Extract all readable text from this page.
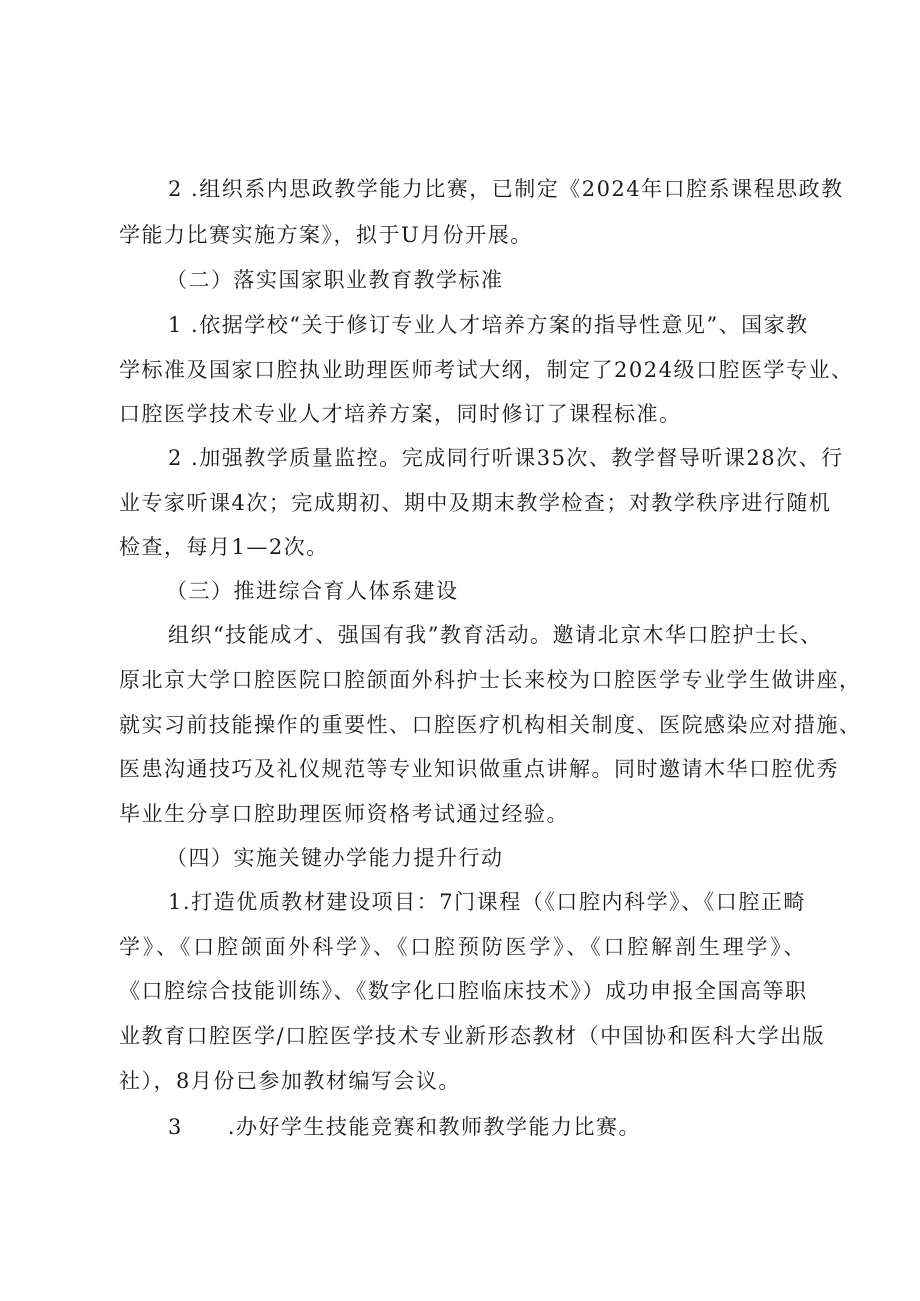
2 .组织系内思政教学能力比赛，已制定《2024年口腔系课程思政教
学能力比赛实施方案》，拟于U月份开展。
（二）落实国家职业教育教学标准
1 .依据学校“关于修订专业人才培养方案的指导性意见”、国家教
学标准及国家口腔执业助理医师考试大纲，制定了2024级口腔医学专业、
口腔医学技术专业人才培养方案，同时修订了课程标准。
2 .加强教学质量监控。完成同行听课35次、教学督导听课28次、行
业专家听课4次；完成期初、期中及期末教学检查；对教学秩序进行随机
检查，每月1—2次。
（三）推进综合育人体系建设
组织“技能成才、强国有我”教育活动。邀请北京木华口腔护士长、
原北京大学口腔医院口腔颌面外科护士长来校为口腔医学专业学生做讲座，
就实习前技能操作的重要性、口腔医疗机构相关制度、医院感染应对措施、
医患沟通技巧及礼仪规范等专业知识做重点讲解。同时邀请木华口腔优秀
毕业生分享口腔助理医师资格考试通过经验。
（四）实施关键办学能力提升行动
1.打造优质教材建设项目：7门课程（《口腔内科学》、《口腔正畸
学》、《口腔颌面外科学》、《口腔预防医学》、《口腔解剖生理学》、
《口腔综合技能训练》、《数字化口腔临床技术》）成功申报全国高等职
业教育口腔医学/口腔医学技术专业新形态教材（中国协和医科大学出版
社），8月份已参加教材编写会议。
3　　.办好学生技能竞赛和教师教学能力比赛。
